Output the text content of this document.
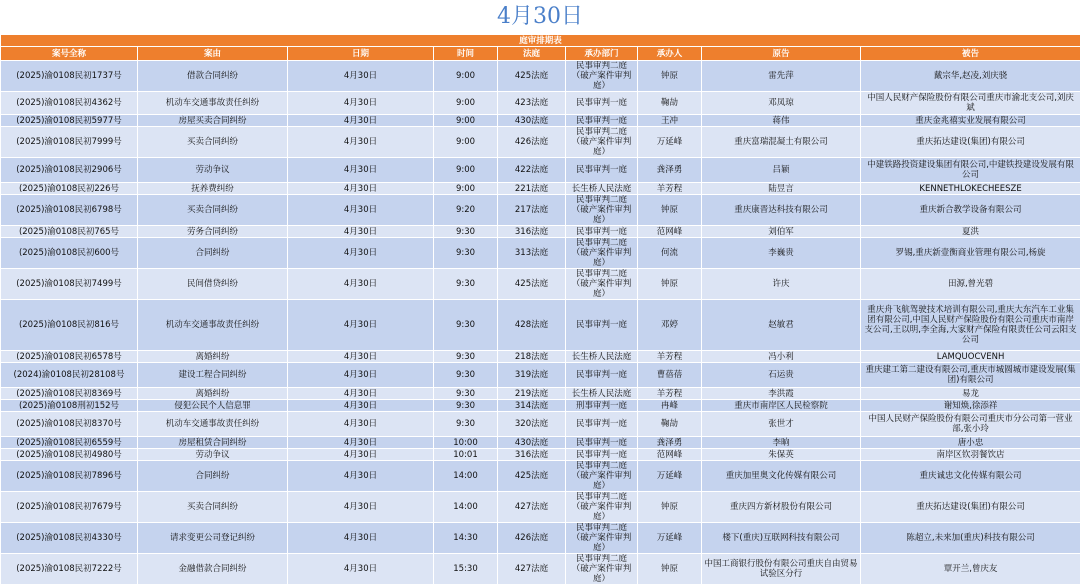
4月30日
庭审排期表								
案号全称	案由	日期	时间	法庭	承办部门	承办人	原告	被告
(2025)渝0108民初1737号	借款合同纠纷	4月30日	9:00	425法庭	民事审判二庭（破产案件审判庭）	钟原	雷先萍	戴宗华,赵凌,刘庆骁
(2025)渝0108民初4362号	机动车交通事故责任纠纷	4月30日	9:00	423法庭	民事审判一庭	鞠劼	邓凤琼	中国人民财产保险股份有限公司重庆市渝北支公司,刘庆斌
(2025)渝0108民初5977号	房屋买卖合同纠纷	4月30日	9:00	430法庭	民事审判一庭	王冲	蒋伟	重庆金兆禧实业发展有限公司
(2025)渝0108民初7999号	买卖合同纠纷	4月30日	9:00	426法庭	民事审判二庭（破产案件审判庭）	万延峰	重庆富瑞混凝土有限公司	重庆拓达建设(集团)有限公司
(2025)渝0108民初2906号	劳动争议	4月30日	9:00	422法庭	民事审判一庭	龚泽勇	吕颖	中建铁路投资建设集团有限公司,中建铁投建设发展有限公司
(2025)渝0108民初226号	抚养费纠纷	4月30日	9:00	221法庭	长生桥人民法庭	羊芳程	陆昱言	KENNETHLOKECHEESZE
(2025)渝0108民初6798号	买卖合同纠纷	4月30日	9:20	217法庭	民事审判二庭（破产案件审判庭）	钟原	重庆康晋达科技有限公司	重庆新合教学设备有限公司
(2025)渝0108民初765号	劳务合同纠纷	4月30日	9:30	316法庭	民事审判一庭	范网峰	刘伯军	夏洪
(2025)渝0108民初600号	合同纠纷	4月30日	9:30	313法庭	民事审判二庭（破产案件审判庭）	何流	李巍贵	罗锡,重庆新壹衡商业管理有限公司,杨旋
(2025)渝0108民初7499号	民间借贷纠纷	4月30日	9:30	425法庭	民事审判二庭（破产案件审判庭）	钟原	许庆	田源,曾光碧
(2025)渝0108民初816号	机动车交通事故责任纠纷	4月30日	9:30	428法庭	民事审判一庭	邓婷	赵敏君	重庆舟飞航驾驶技术培训有限公司,重庆大东汽车工业集团有限公司,中国人民财产保险股份有限公司重庆市南岸支公司,王以明,李全海,大家财产保险有限责任公司云阳支公司
(2025)渝0108民初6578号	离婚纠纷	4月30日	9:30	218法庭	长生桥人民法庭	羊芳程	冯小利	LAMQUOCVENH
(2024)渝0108民初28108号	建设工程合同纠纷	4月30日	9:30	319法庭	民事审判一庭	曹蓓蓓	石运贵	重庆建工第二建设有限公司,重庆市城圆城市建设发展(集团)有限公司
(2025)渝0108民初8369号	离婚纠纷	4月30日	9:30	219法庭	长生桥人民法庭	羊芳程	李洪霞	易龙
(2025)渝0108刑初152号	侵犯公民个人信息罪	4月30日	9:30	314法庭	刑事审判一庭	冉峰	重庆市南岸区人民检察院	谢知焕,徐添祥
(2025)渝0108民初8370号	机动车交通事故责任纠纷	4月30日	9:30	320法庭	民事审判一庭	鞠劼	张世才	中国人民财产保险股份有限公司重庆市分公司第一营业部,张小玲
(2025)渝0108民初6559号	房屋租赁合同纠纷	4月30日	10:00	430法庭	民事审判一庭	龚泽勇	李晌	唐小忠
(2025)渝0108民初4980号	劳动争议	4月30日	10:01	316法庭	民事审判一庭	范网峰	朱保英	南岸区钦羽餐饮店
(2025)渝0108民初7896号	合同纠纷	4月30日	14:00	425法庭	民事审判二庭（破产案件审判庭）	万延峰	重庆加里奥文化传媒有限公司	重庆诚忠文化传媒有限公司
(2025)渝0108民初7679号	买卖合同纠纷	4月30日	14:00	427法庭	民事审判二庭（破产案件审判庭）	钟原	重庆四方新材股份有限公司	重庆拓达建设(集团)有限公司
(2025)渝0108民初4330号	请求变更公司登记纠纷	4月30日	14:30	426法庭	民事审判二庭（破产案件审判庭）	万延峰	楼下(重庆)互联网科技有限公司	陈超立,未来加(重庆)科技有限公司
(2025)渝0108民初7222号	金融借款合同纠纷	4月30日	15:30	427法庭	民事审判二庭（破产案件审判庭）	钟原	中国工商银行股份有限公司重庆自由贸易试验区分行	覃开兰,曾庆友
